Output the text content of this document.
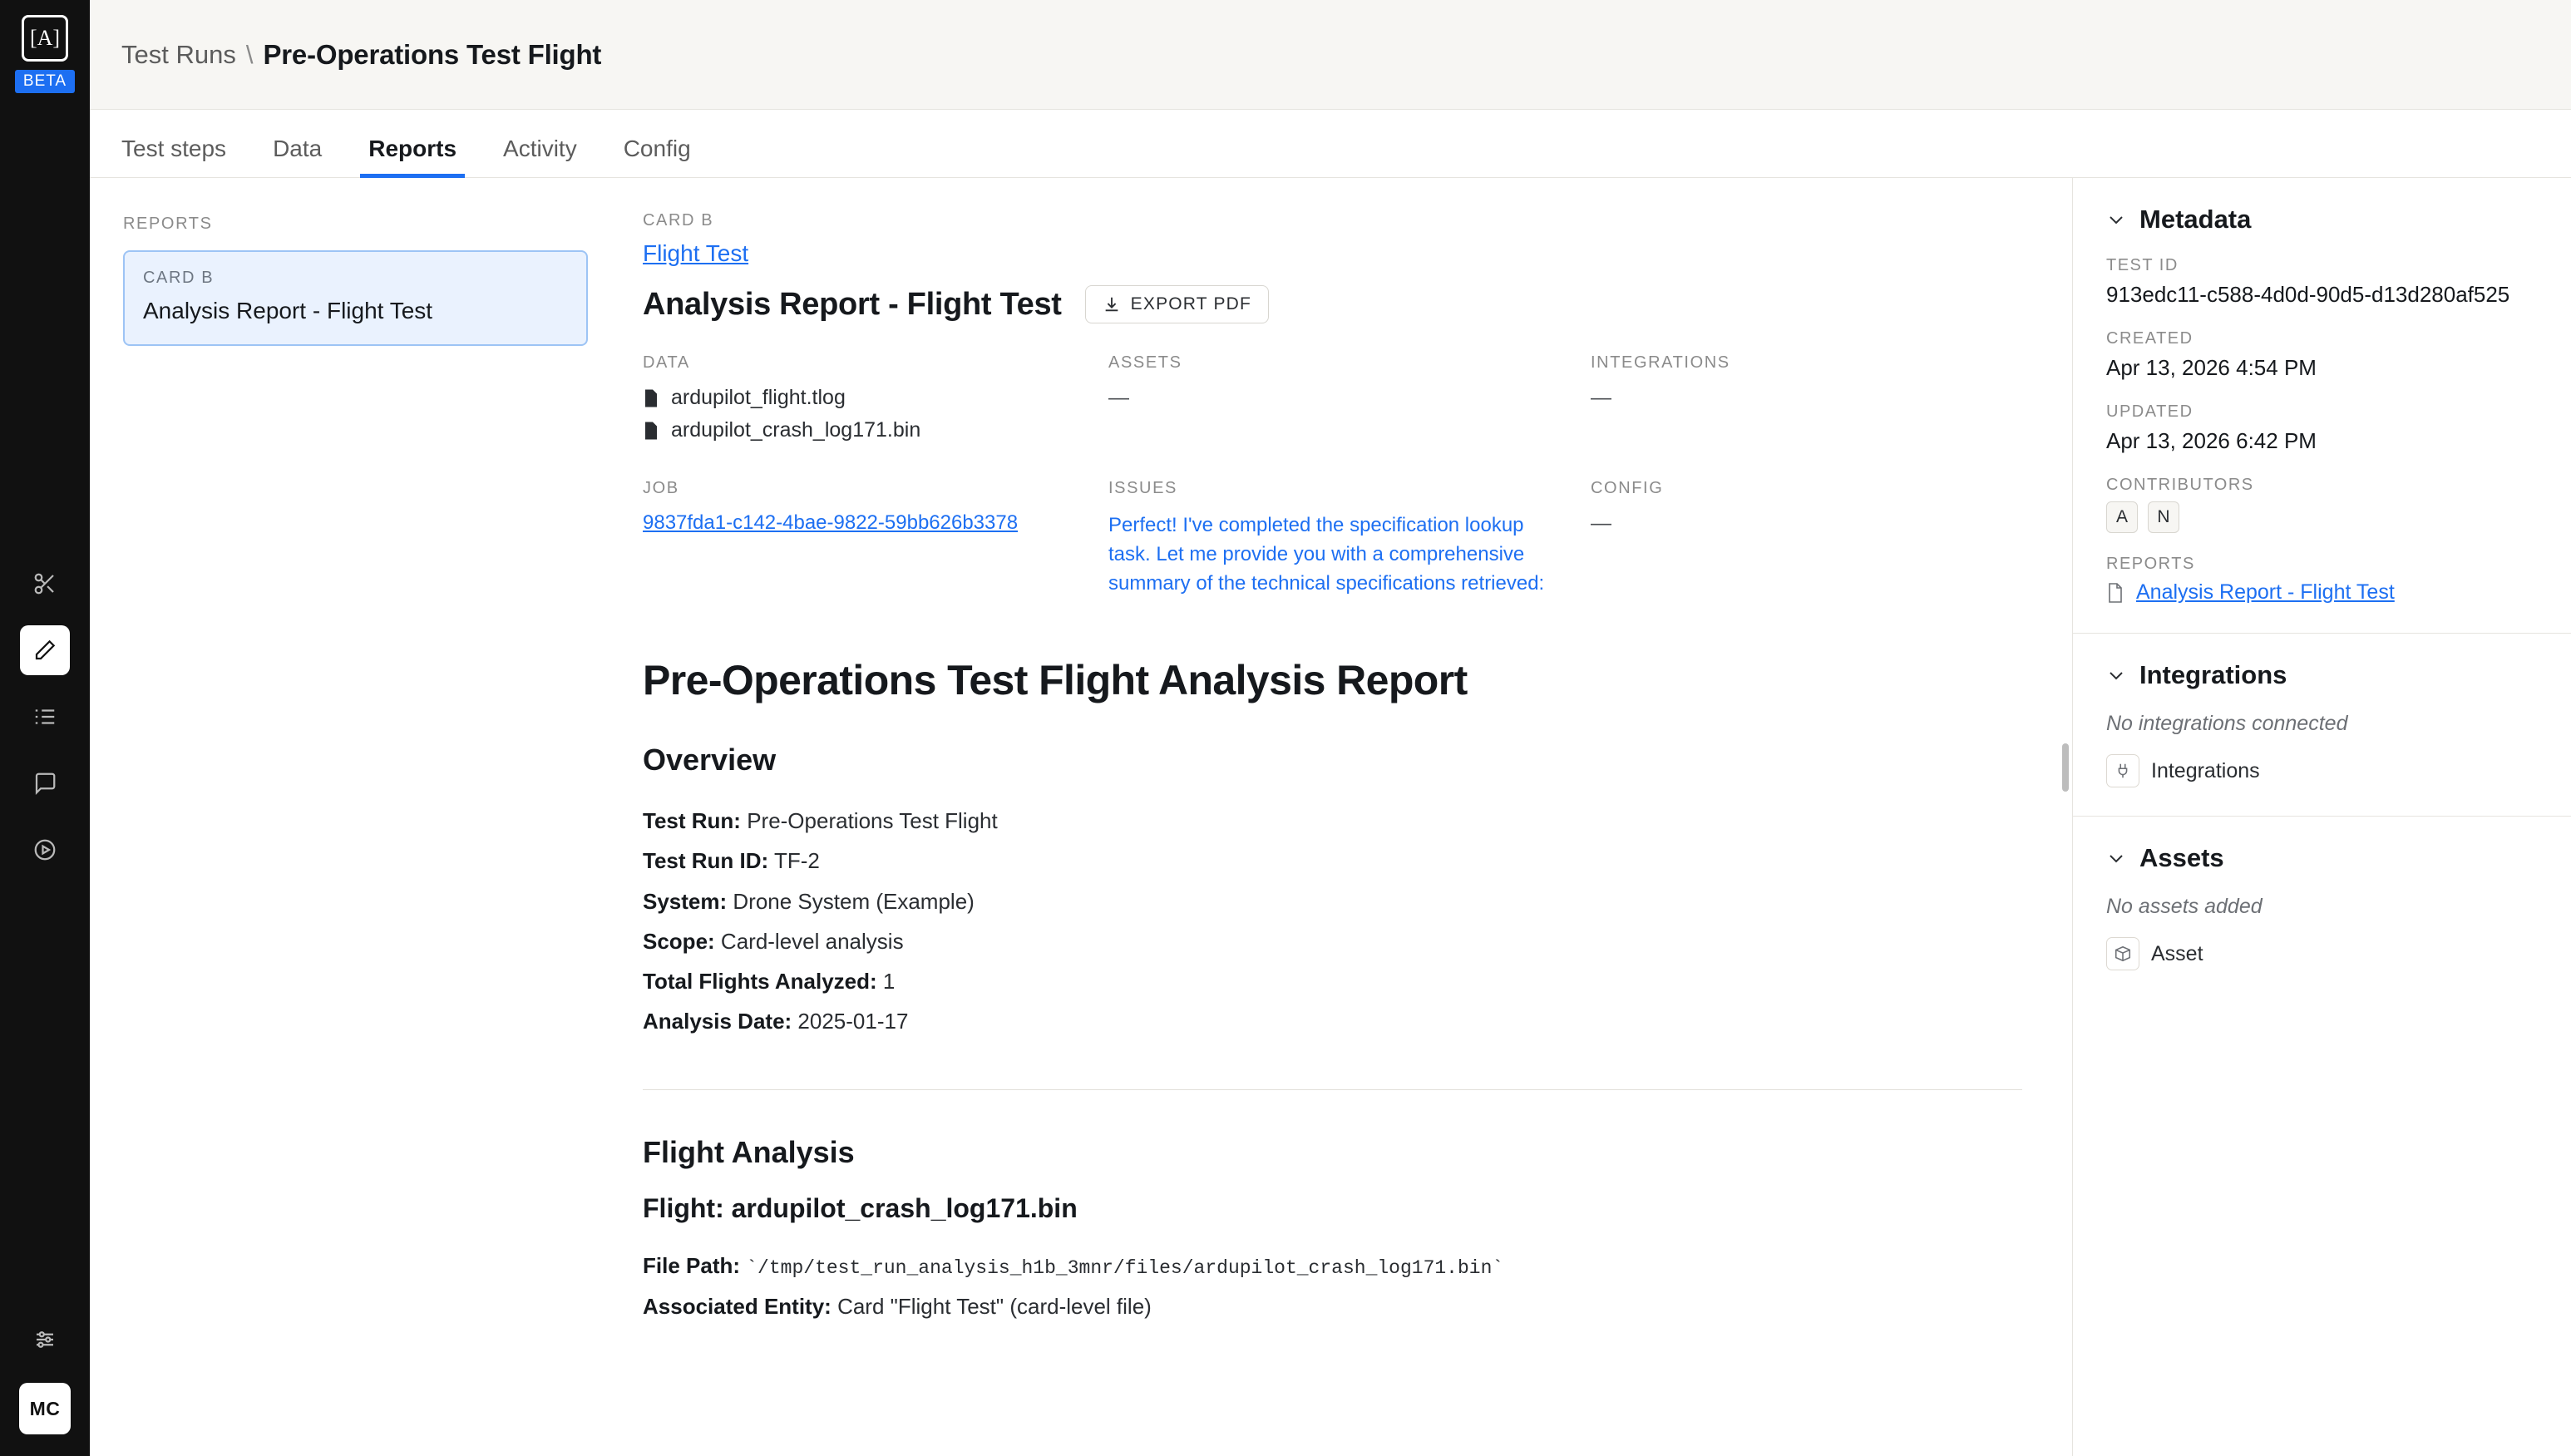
[A]
BETA
MC
Test Runs \ Pre-Operations Test Flight
Test steps	Data	Reports	Activity	Config
REPORTS
CARD B
Analysis Report - Flight Test
CARD B
Flight Test
Analysis Report - Flight Test	EXPORT PDF
DATA
ardupilot_flight.tlog
ardupilot_crash_log171.bin
ASSETS
—
INTEGRATIONS
—
JOB
9837fda1-c142-4bae-9822-59bb626b3378
ISSUES
Perfect! I've completed the specification lookup task. Let me provide you with a comprehensive summary of the technical specifications retrieved:
CONFIG
—
Pre-Operations Test Flight Analysis Report
Overview
Test Run: Pre-Operations Test Flight
Test Run ID: TF-2
System: Drone System (Example)
Scope: Card-level analysis
Total Flights Analyzed: 1
Analysis Date: 2025-01-17
Flight Analysis
Flight: ardupilot_crash_log171.bin
File Path: `/tmp/test_run_analysis_h1b_3mnr/files/ardupilot_crash_log171.bin`
Associated Entity: Card "Flight Test" (card-level file)
Metadata
TEST ID
913edc11-c588-4d0d-90d5-d13d280af525
CREATED
Apr 13, 2026 4:54 PM
UPDATED
Apr 13, 2026 6:42 PM
CONTRIBUTORS
A	N
REPORTS
Analysis Report - Flight Test
Integrations
No integrations connected
Integrations
Assets
No assets added
Asset
